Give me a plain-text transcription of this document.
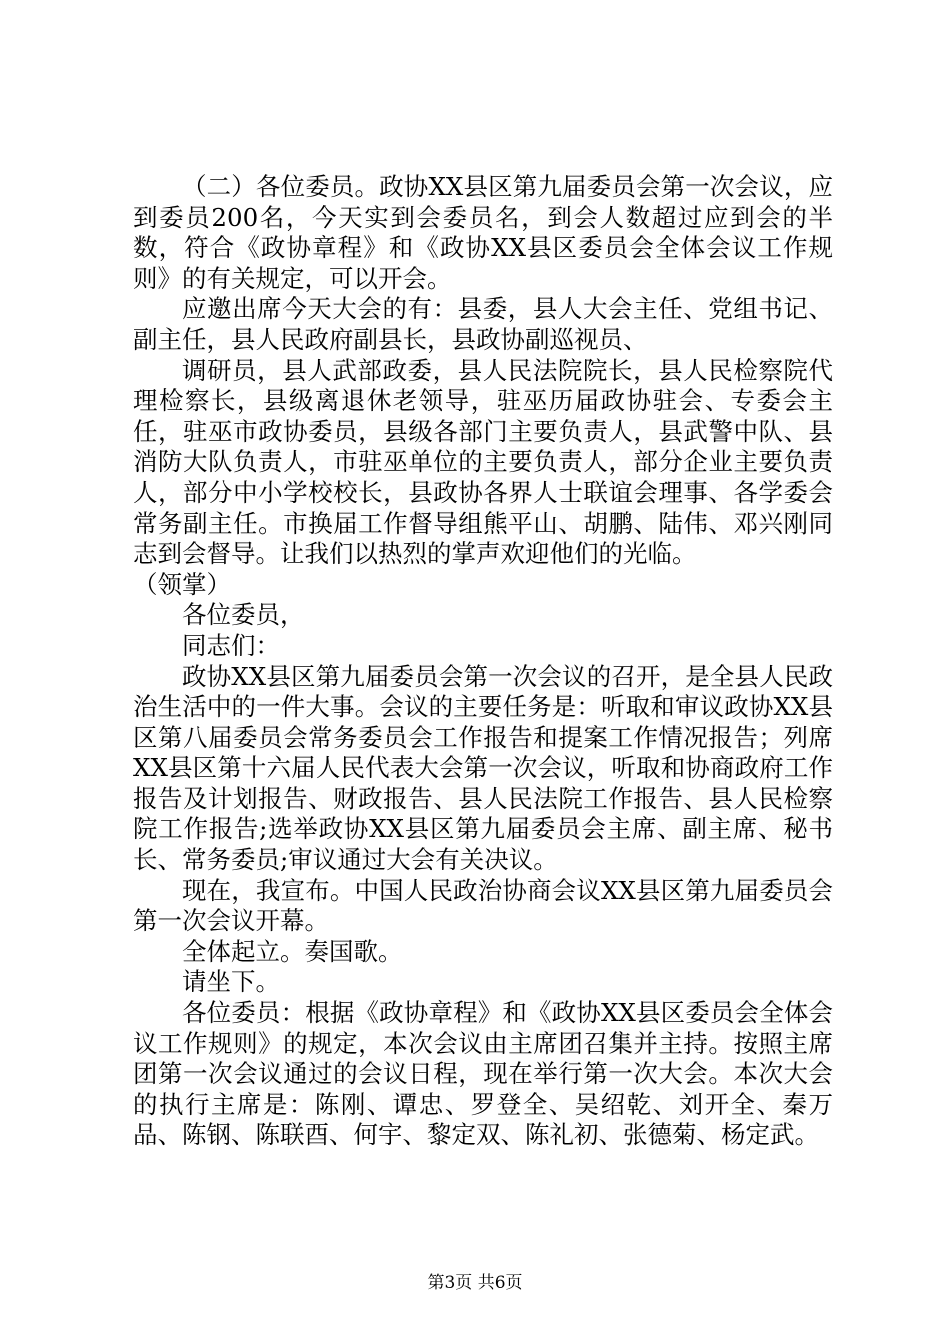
（二）各位委员。政协XX县区第九届委员会第一次会议，应到委员200名，今天实到会委员名，到会人数超过应到会的半数，符合《政协章程》和《政协XX县区委员会全体会议工作规则》的有关规定，可以开会。

应邀出席今天大会的有：县委，县人大会主任、党组书记、副主任，县人民政府副县长，县政协副巡视员、

调研员，县人武部政委，县人民法院院长，县人民检察院代理检察长，县级离退休老领导，驻巫历届政协驻会、专委会主任，驻巫市政协委员，县级各部门主要负责人，县武警中队、县消防大队负责人，市驻巫单位的主要负责人，部分企业主要负责人，部分中小学校校长，县政协各界人士联谊会理事、各学委会常务副主任。市换届工作督导组熊平山、胡鹏、陆伟、邓兴刚同志到会督导。让我们以热烈的掌声欢迎他们的光临。

（领掌）

各位委员，

同志们：

政协XX县区第九届委员会第一次会议的召开，是全县人民政治生活中的一件大事。会议的主要任务是：听取和审议政协XX县区第八届委员会常务委员会工作报告和提案工作情况报告；列席XX县区第十六届人民代表大会第一次会议，听取和协商政府工作报告及计划报告、财政报告、县人民法院工作报告、县人民检察院工作报告;选举政协XX县区第九届委员会主席、副主席、秘书长、常务委员;审议通过大会有关决议。

现在，我宣布。中国人民政治协商会议XX县区第九届委员会第一次会议开幕。

全体起立。奏国歌。

请坐下。

各位委员：根据《政协章程》和《政协XX县区委员会全体会议工作规则》的规定，本次会议由主席团召集并主持。按照主席团第一次会议通过的会议日程，现在举行第一次大会。本次大会的执行主席是：陈刚、谭忠、罗登全、吴绍乾、刘开全、秦万品、陈钢、陈联酉、何宇、黎定双、陈礼初、张德菊、杨定武。

第3页 共6页
